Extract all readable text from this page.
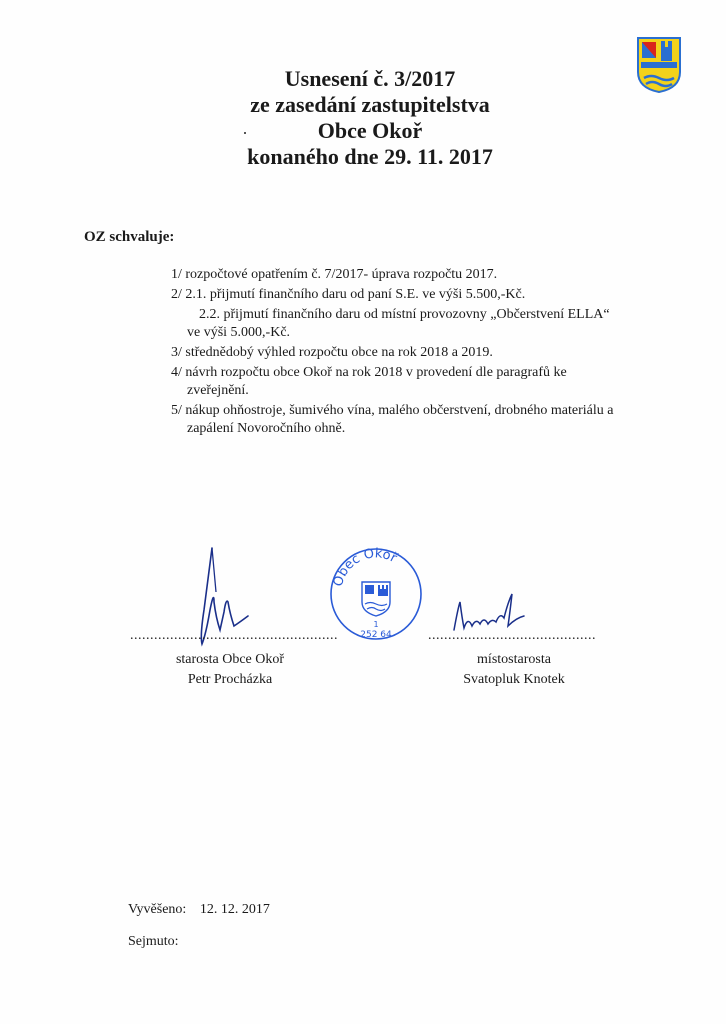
Usnesení č. 3/2017
ze zasedání zastupitelstva
Obce Okoř
konaného dne 29. 11. 2017
OZ schvaluje:
1/ rozpočtové opatřením č. 7/2017- úprava rozpočtu 2017.
2/ 2.1. přijmutí finančního daru od paní S.E. ve výši 5.500,-Kč.
2.2. přijmutí finančního daru od místní provozovny „Občerstvení ELLA“
ve výši 5.000,-Kč.
3/ střednědobý výhled rozpočtu obce na rok 2018 a 2019.
4/ návrh rozpočtu obce Okoř na rok 2018 v provedení dle paragrafů ke
zveřejnění.
5/ nákup ohňostroje, šumivého vína, malého občerstvení, drobného materiálu a
zapálení Novoročního ohně.
Obec Okoř
1
252 64
....................................................	..........................................
starosta Obce Okoř
Petr Procházka
místostarosta
Svatopluk Knotek
Vyvěšeno: 12. 12. 2017
Sejmuto:
